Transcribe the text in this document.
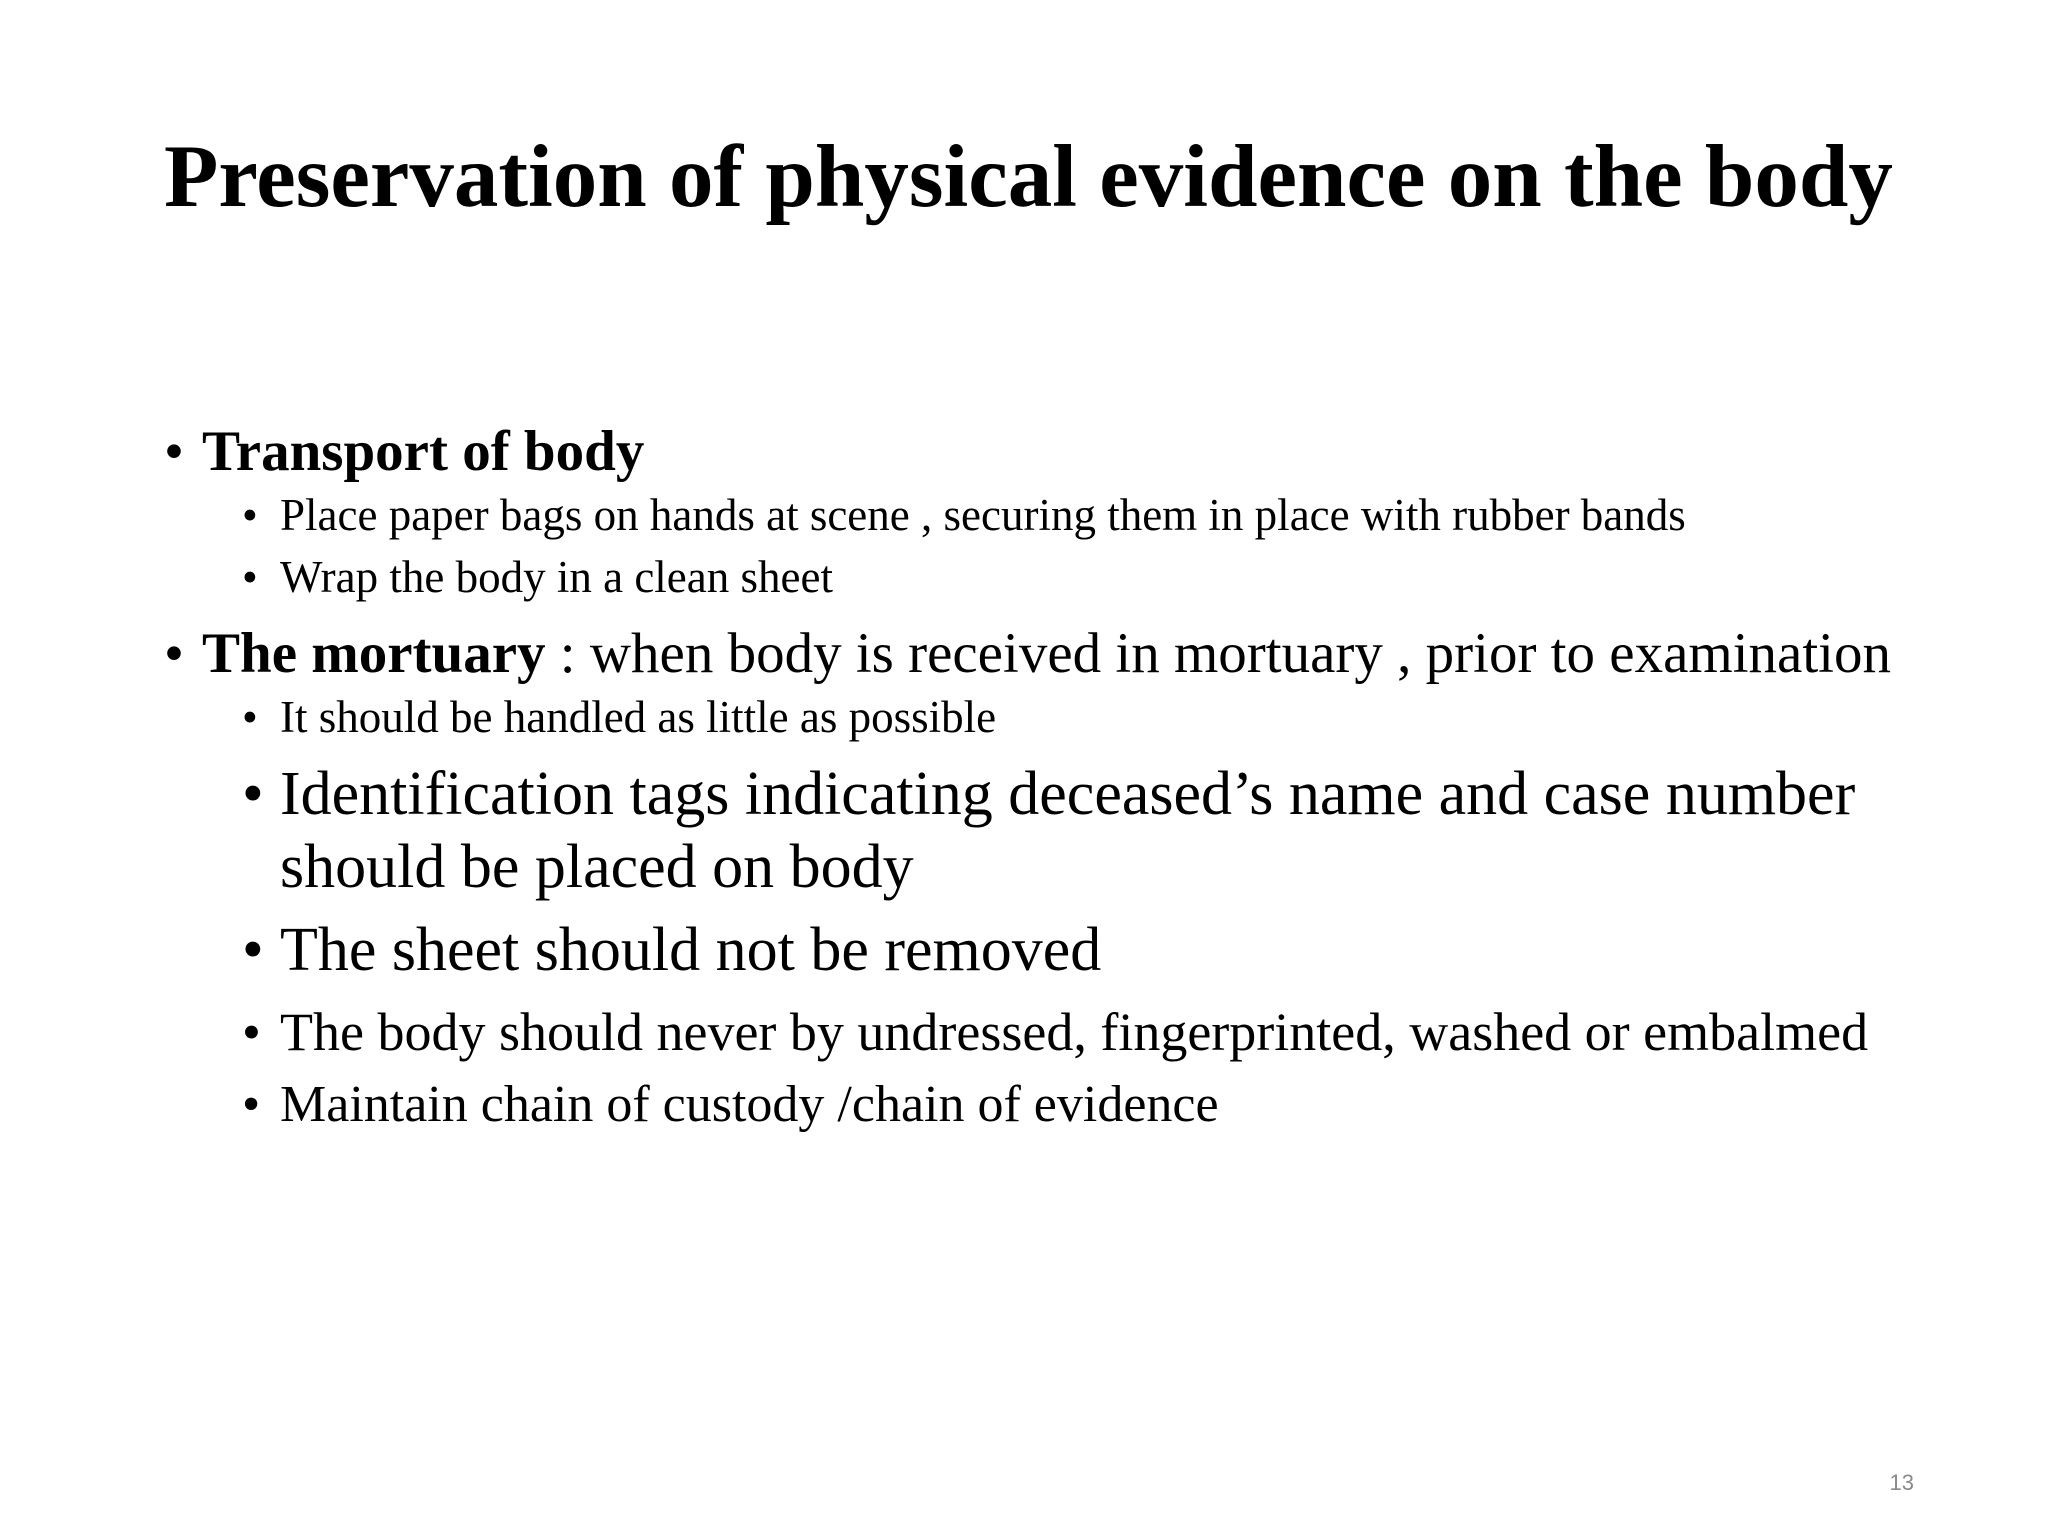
Preservation of physical evidence on the body
• Transport of body
• Place paper bags on hands at scene , securing them in place with rubber bands
• Wrap the body in a clean sheet
• The mortuary : when body is received in mortuary , prior to examination
• It should be handled as little as possible
• Identification tags indicating deceased’s name and case number should be placed on body
• The sheet should not be removed
• The body should never by undressed, fingerprinted, washed or embalmed
• Maintain chain of custody /chain of evidence
13
